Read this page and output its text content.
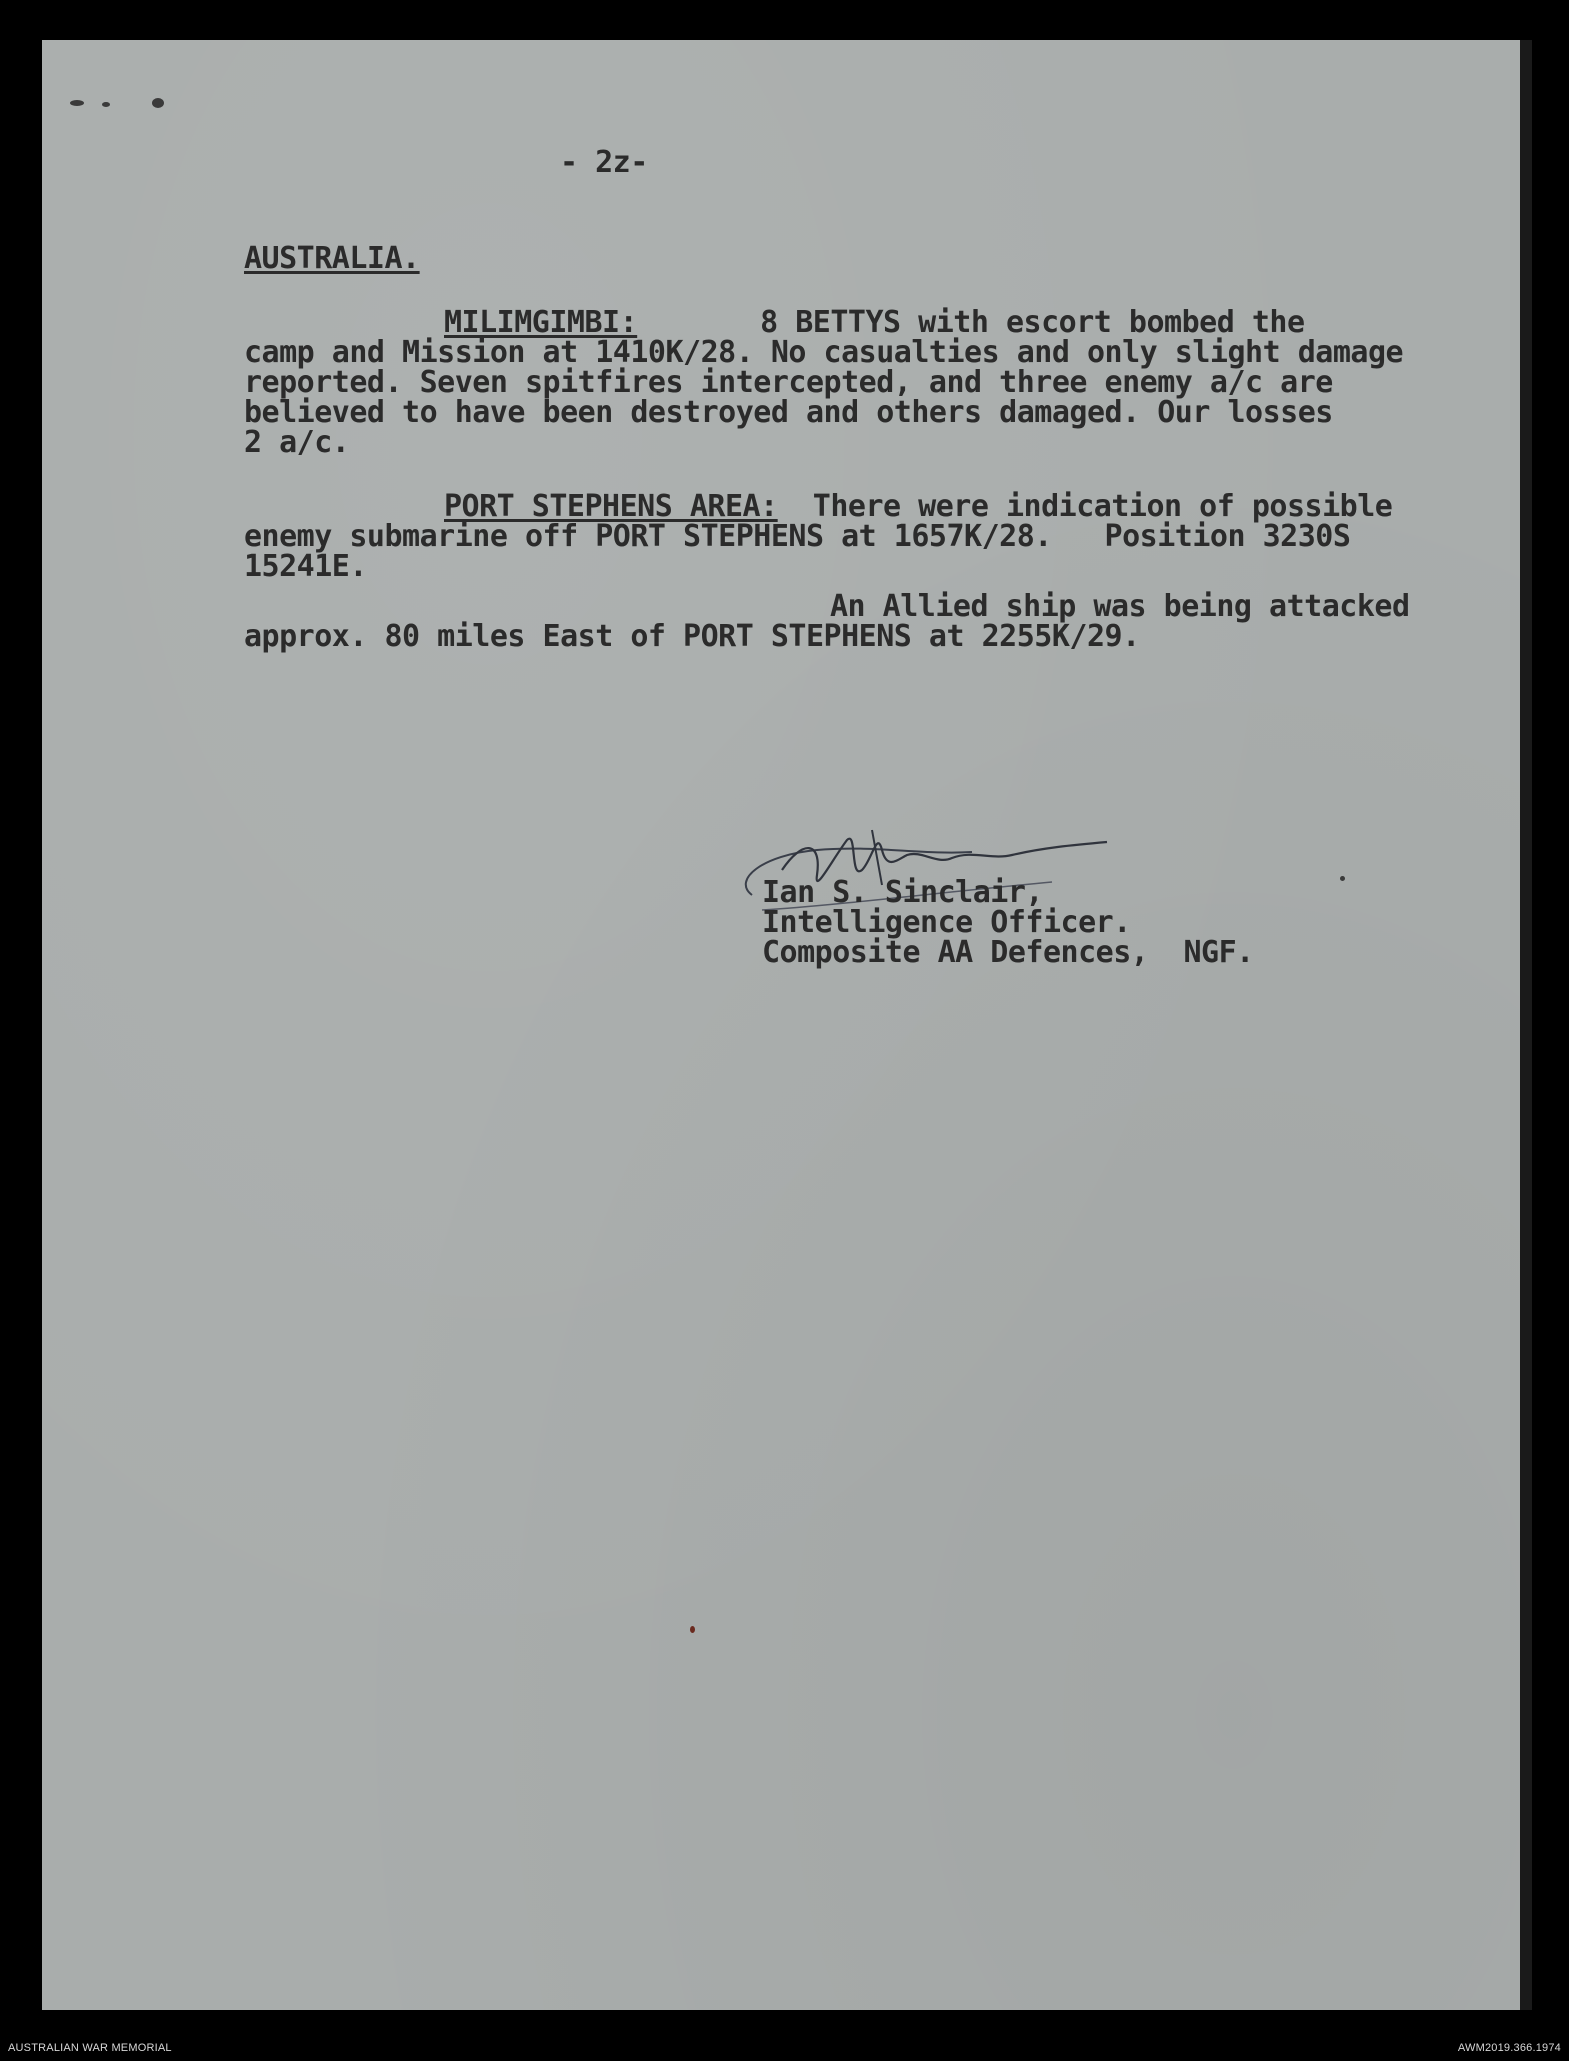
- 2z-

AUSTRALIA.

MILIMGIMBI:	8 BETTYS with escort bombed the

camp and Mission at 1410K/28. No casualties and only slight damage

reported. Seven spitfires intercepted, and three enemy a/c are

believed to have been destroyed and others damaged. Our losses

2 a/c.

PORT STEPHENS AREA: There were indication of possible

enemy submarine off PORT STEPHENS at 1657K/28.   Position 3230S

15241E.

An Allied ship was being attacked

approx. 80 miles East of PORT STEPHENS at 2255K/29.

Ian S. Sinclair,

Intelligence Officer.

Composite AA Defences,  NGF.

AUSTRALIAN WAR MEMORIAL	AWM2019.366.1974
